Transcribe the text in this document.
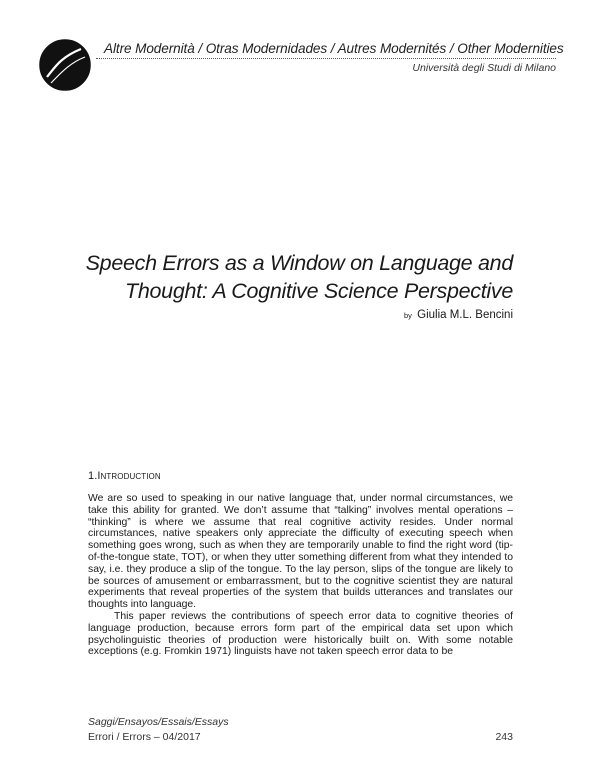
Altre Modernità / Otras Modernidades / Autres Modernités / Other Modernities
Università degli Studi di Milano
Speech Errors as a Window on Language and Thought: A Cognitive Science Perspective
by Giulia M.L. Bencini
1.Introduction

We are so used to speaking in our native language that, under normal circumstances, we take this ability for granted. We don’t assume that “talking” involves mental operations – “thinking” is where we assume that real cognitive activity resides. Under normal circumstances, native speakers only appreciate the difficulty of executing speech when something goes wrong, such as when they are temporarily unable to find the right word (tip-of-the-tongue state, TOT), or when they utter something different from what they intended to say, i.e. they produce a slip of the tongue. To the lay person, slips of the tongue are likely to be sources of amusement or embarrassment, but to the cognitive scientist they are natural experiments that reveal properties of the system that builds utterances and translates our thoughts into language.

This paper reviews the contributions of speech error data to cognitive theories of language production, because errors form part of the empirical data set upon which psycholinguistic theories of production were historically built on. With some notable exceptions (e.g. Fromkin 1971) linguists have not taken speech error data to be

Saggi/Ensayos/Essais/Essays
Errori / Errors – 04/2017	243
